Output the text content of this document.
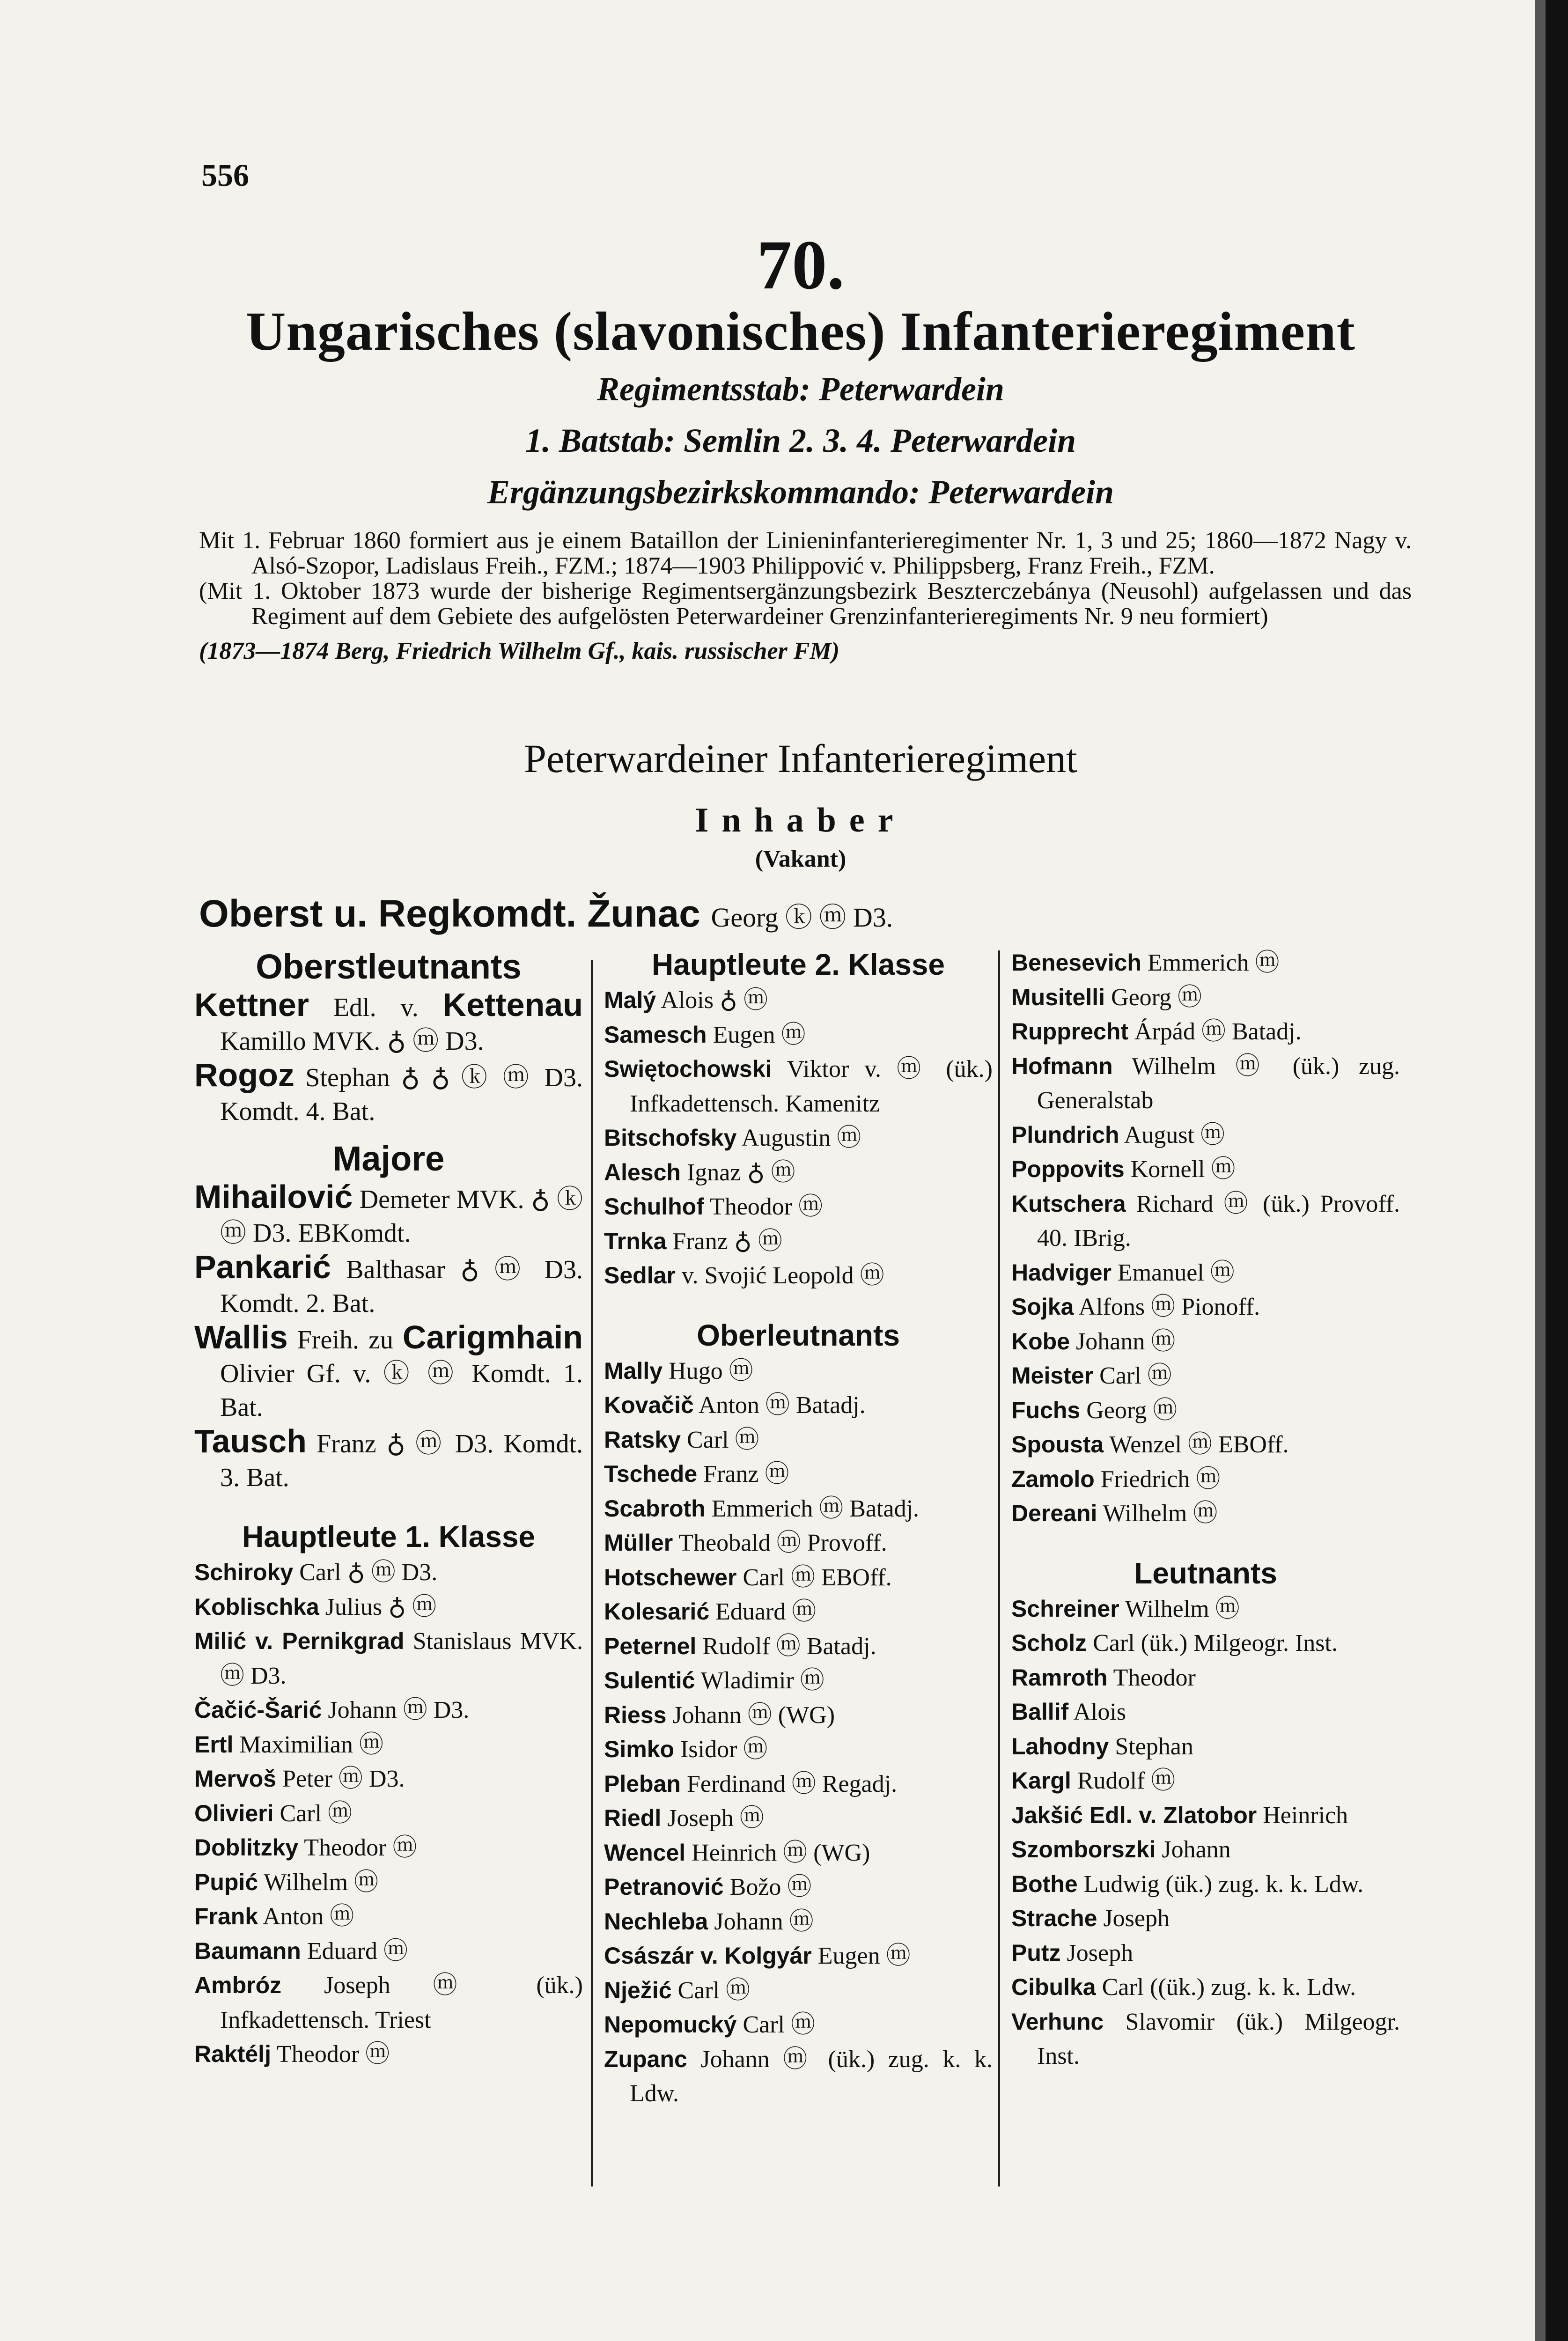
556
70.
Ungarisches (slavonisches) Infanterieregiment
Regimentsstab: Peterwardein
1. Batstab: Semlin 2. 3. 4. Peterwardein
Ergänzungsbezirkskommando: Peterwardein

Mit 1. Februar 1860 formiert aus je einem Bataillon der Linieninfanterieregimenter Nr. 1, 3 und 25; 1860—1872 Nagy v. Alsó-Szopor, Ladislaus Freih., FZM.; 1874—1903 Philippović v. Philippsberg, Franz Freih., FZM.

(Mit 1. Oktober 1873 wurde der bisherige Regimentsergänzungsbezirk Beszterczebánya (Neusohl) aufgelassen und das Regiment auf dem Gebiete des aufgelösten Peterwardeiner Grenzinfanterieregiments Nr. 9 neu formiert)

(1873—1874 Berg, Friedrich Wilhelm Gf., kais. russischer FM)

Peterwardeiner Infanterieregiment
Inhaber
(Vakant)
Oberst u. Regkomdt. Žunac Georg ⓚ ⓜ D3.

Oberstleutnants

Kettner Edl. v. Kettenau Kamillo MVK. ♁ ⓜ D3.

Rogoz Stephan ♁ ♁ ⓚ ⓜ D3. Komdt. 4. Bat.

Majore

Mihailović Demeter MVK. ♁ ⓚ ⓜ D3. EBKomdt.

Pankarić Balthasar ♁ ⓜ D3. Komdt. 2. Bat.

Wallis Freih. zu Carigmhain Olivier Gf. v. ⓚ ⓜ Komdt. 1. Bat.

Tausch Franz ♁ ⓜ D3. Komdt. 3. Bat.

Hauptleute 1. Klasse

Schiroky Carl ♁ ⓜ D3.

Koblischka Julius ♁ ⓜ

Milić v. Pernikgrad Stanislaus MVK. ⓜ D3.

Čačić-Šarić Johann ⓜ D3.

Ertl Maximilian ⓜ

Mervoš Peter ⓜ D3.

Olivieri Carl ⓜ

Doblitzky Theodor ⓜ

Pupić Wilhelm ⓜ

Frank Anton ⓜ

Baumann Eduard ⓜ

Ambróz Joseph ⓜ (ük.) Infkadettensch. Triest

Raktélj Theodor ⓜ

Hauptleute 2. Klasse

Malý Alois ♁ ⓜ

Samesch Eugen ⓜ

Swiętochowski Viktor v. ⓜ (ük.) Infkadettensch. Kamenitz

Bitschofsky Augustin ⓜ

Alesch Ignaz ♁ ⓜ

Schulhof Theodor ⓜ

Trnka Franz ♁ ⓜ

Sedlar v. Svojić Leopold ⓜ

Oberleutnants

Mally Hugo ⓜ

Kovačič Anton ⓜ Batadj.

Ratsky Carl ⓜ

Tschede Franz ⓜ

Scabroth Emmerich ⓜ Batadj.

Müller Theobald ⓜ Provoff.

Hotschewer Carl ⓜ EBOff.

Kolesarić Eduard ⓜ

Peternel Rudolf ⓜ Batadj.

Sulentić Wladimir ⓜ

Riess Johann ⓜ (WG)

Simko Isidor ⓜ

Pleban Ferdinand ⓜ Regadj.

Riedl Joseph ⓜ

Wencel Heinrich ⓜ (WG)

Petranović Božo ⓜ

Nechleba Johann ⓜ

Császár v. Kolgyár Eugen ⓜ

Nježić Carl ⓜ

Nepomucký Carl ⓜ

Zupanc Johann ⓜ (ük.) zug. k. k. Ldw.

Benesevich Emmerich ⓜ

Musitelli Georg ⓜ

Rupprecht Árpád ⓜ Batadj.

Hofmann Wilhelm ⓜ (ük.) zug. Generalstab

Plundrich August ⓜ

Poppovits Kornell ⓜ

Kutschera Richard ⓜ (ük.) Provoff. 40. IBrig.

Hadviger Emanuel ⓜ

Sojka Alfons ⓜ Pionoff.

Kobe Johann ⓜ

Meister Carl ⓜ

Fuchs Georg ⓜ

Spousta Wenzel ⓜ EBOff.

Zamolo Friedrich ⓜ

Dereani Wilhelm ⓜ

Leutnants

Schreiner Wilhelm ⓜ

Scholz Carl (ük.) Milgeogr. Inst.

Ramroth Theodor

Ballif Alois

Lahodny Stephan

Kargl Rudolf ⓜ

Jakšić Edl. v. Zlatobor Heinrich

Szomborszki Johann

Bothe Ludwig (ük.) zug. k. k. Ldw.

Strache Joseph

Putz Joseph

Cibulka Carl ((ük.) zug. k. k. Ldw.

Verhunc Slavomir (ük.) Milgeogr. Inst.
